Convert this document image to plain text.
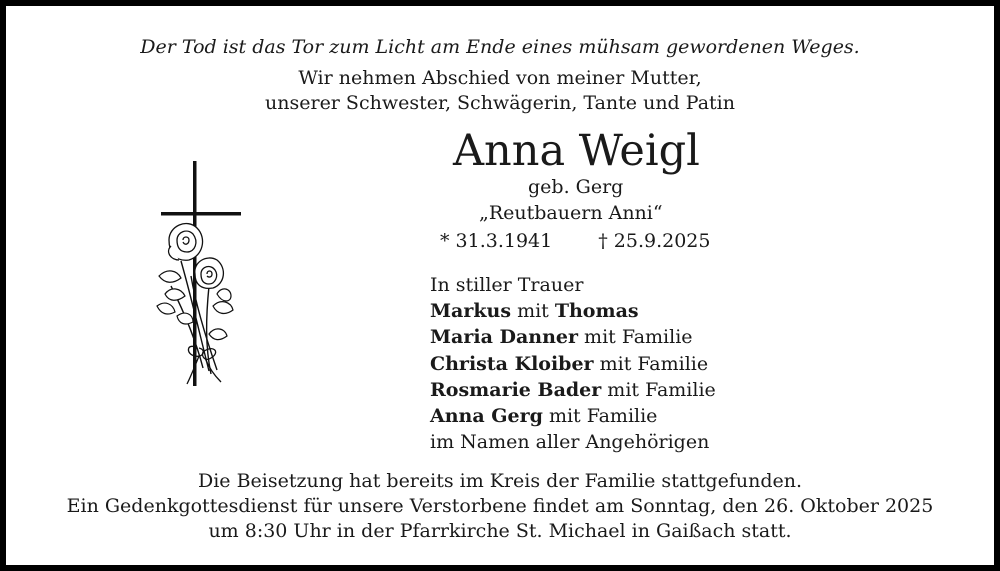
Der Tod ist das Tor zum Licht am Ende eines mühsam gewordenen Weges.
Wir nehmen Abschied von meiner Mutter,
unserer Schwester, Schwägerin, Tante und Patin
Anna Weigl
geb. Gerg
„Reutbauern Anni“
* 31.3.1941 † 25.9.2025
In stiller Trauer
Markus mit Thomas
Maria Danner mit Familie
Christa Kloiber mit Familie
Rosmarie Bader mit Familie
Anna Gerg mit Familie
im Namen aller Angehörigen
Die Beisetzung hat bereits im Kreis der Familie stattgefunden.
Ein Gedenkgottesdienst für unsere Verstorbene findet am Sonntag, den 26. Oktober 2025
um 8:30 Uhr in der Pfarrkirche St. Michael in Gaißach statt.
